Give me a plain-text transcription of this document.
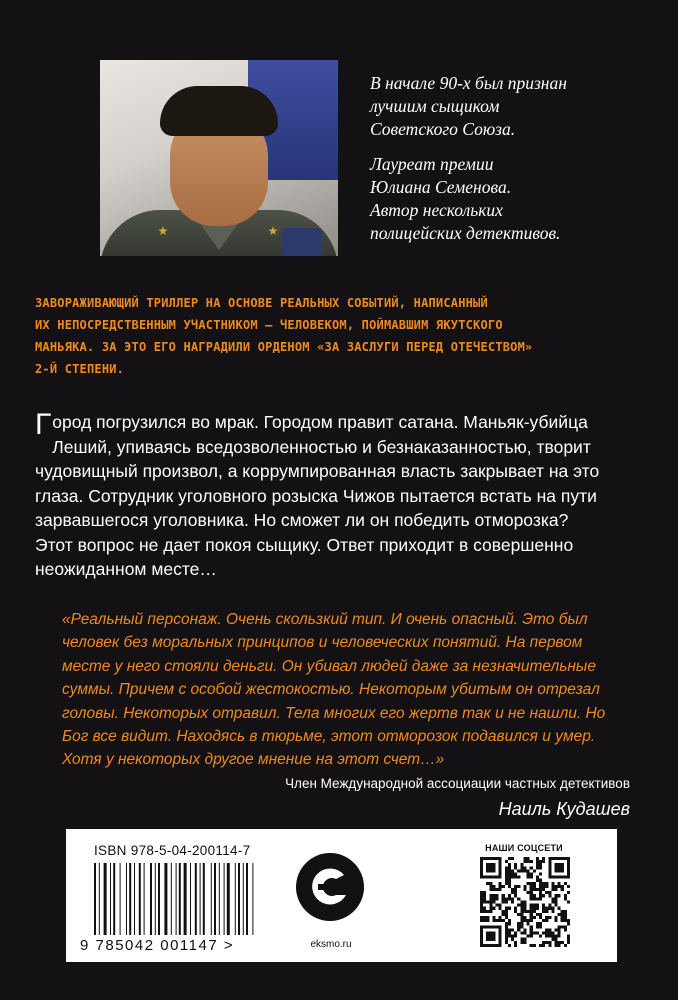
В начале 90-х был признан
лучшим сыщиком
Советского Союза.

Лауреат премии
Юлиана Семенова.
Автор нескольких
полицейских детективов.

ЗАВОРАЖИВАЮЩИЙ ТРИЛЛЕР НА ОСНОВЕ РЕАЛЬНЫХ СОБЫТИЙ, НАПИСАННЫЙ
ИХ НЕПОСРЕДСТВЕННЫМ УЧАСТНИКОМ — ЧЕЛОВЕКОМ, ПОЙМАВШИМ ЯКУТСКОГО
МАНЬЯКА. ЗА ЭТО ЕГО НАГРАДИЛИ ОРДЕНОМ «ЗА ЗАСЛУГИ ПЕРЕД ОТЕЧЕСТВОМ»
2-Й СТЕПЕНИ.

Город погрузился во мрак. Городом правит сатана. Маньяк-убийца
Леший, упиваясь вседозволенностью и безнаказанностью, творит
чудовищный произвол, а коррумпированная власть закрывает на это
глаза. Сотрудник уголовного розыска Чижов пытается встать на пути
зарвавшегося уголовника. Но сможет ли он победить отморозка?
Этот вопрос не дает покоя сыщику. Ответ приходит в совершенно
неожиданном месте…

«Реальный персонаж. Очень скользкий тип. И очень опасный. Это был
человек без моральных принципов и человеческих понятий. На первом
месте у него стояли деньги. Он убивал людей даже за незначительные
суммы. Причем с особой жестокостью. Некоторым убитым он отрезал
головы. Некоторых отравил. Тела многих его жертв так и не нашли. Но
Бог все видит. Находясь в тюрьме, этот отморозок подавился и умер.
Хотя у некоторых другое мнение на этот счет…»

Член Международной ассоциации частных детективов
Наиль Кудашев
ISBN 978-5-04-200114-7
9 785042 001147 >	eksmo.ru
НАШИ СОЦСЕТИ
